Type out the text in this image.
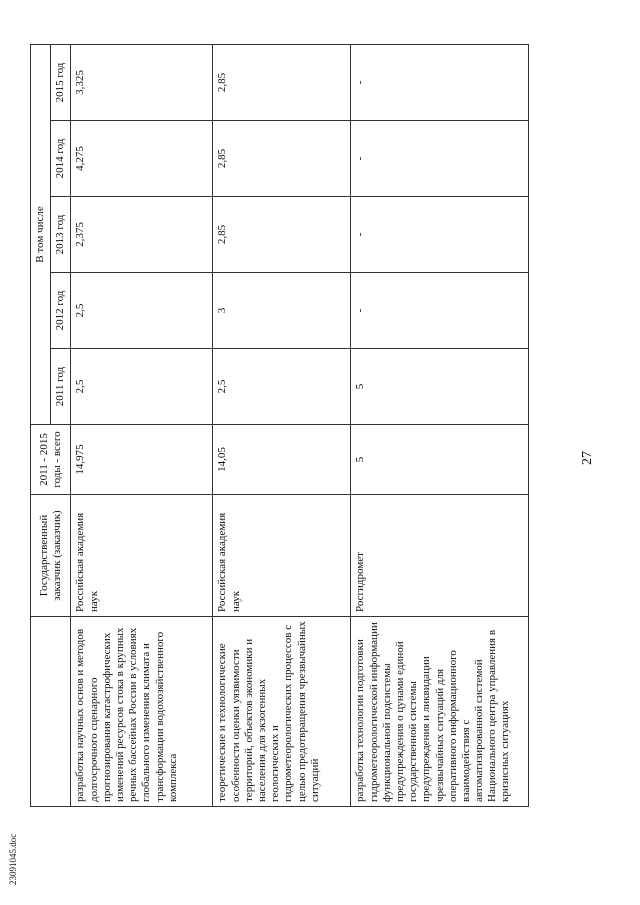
27
23091045.doc
	Государственный заказчик (заказчик)	2011 - 2015 годы - всего	В том числе				
			2011 год	2012 год	2013 год	2014 год	2015 год
разработка научных основ и методов долгосрочного сценарного прогнозирования катастрофических изменений ресурсов стока в крупных речных бассейнах России в условиях глобального изменения климата и трансформации водохозяйственного комплекса	Российская академия наук	14,975	2,5	2,5	2,375	4,275	3,325
теоретические и технологические особенности оценки уязвимости территорий, объектов экономики и населения для экзогенных геологических и гидрометеорологических процессов с целью предотвращения чрезвычайных ситуаций	Российская академия наук	14,05	2,5	3	2,85	2,85	2,85
разработка технологии подготовки гидрометеорологической информации функциональной подсистемы предупреждения о цунами единой государственной системы предупреждения и ликвидации чрезвычайных ситуаций для оперативного информационного взаимодействия с автоматизированной системой Национального центра управления в кризисных ситуациях	Росгидромет	5	5	-	-	-	-
